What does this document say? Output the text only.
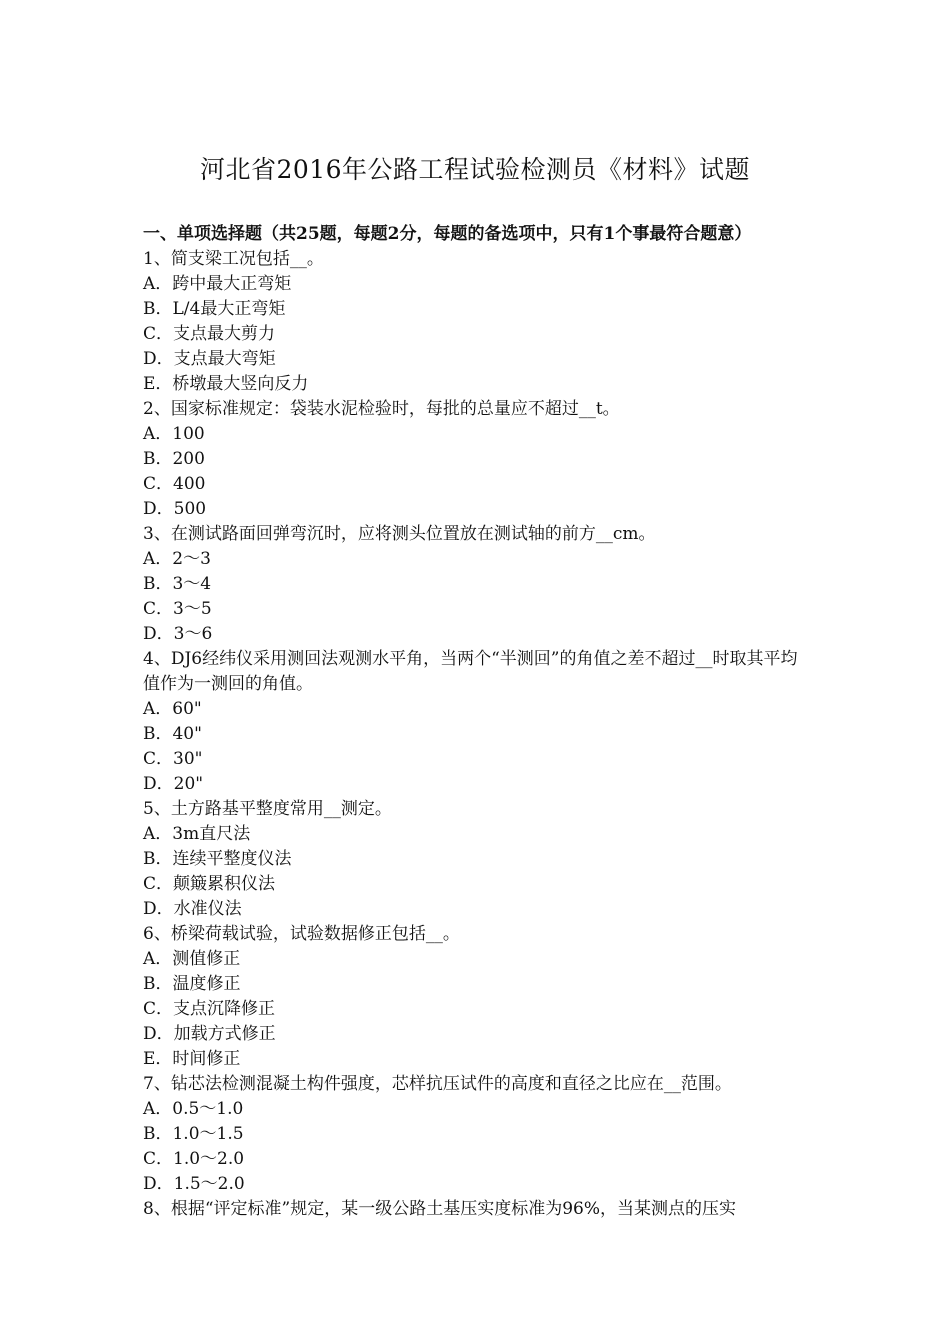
河北省2016年公路工程试验检测员《材料》试题
一、单项选择题（共25题，每题2分，每题的备选项中，只有1个事最符合题意）
1、简支梁工况包括__。
A．跨中最大正弯矩
B．L/4最大正弯矩
C．支点最大剪力
D．支点最大弯矩
E．桥墩最大竖向反力
2、国家标准规定：袋装水泥检验时，每批的总量应不超过__t。
A．100
B．200
C．400
D．500
3、在测试路面回弹弯沉时，应将测头位置放在测试轴的前方__cm。
A．2～3
B．3～4
C．3～5
D．3～6
4、DJ6经纬仪采用测回法观测水平角，当两个“半测回”的角值之差不超过__时取其平均值作为一测回的角值。
A．60"
B．40"
C．30"
D．20"
5、土方路基平整度常用__测定。
A．3m直尺法
B．连续平整度仪法
C．颠簸累积仪法
D．水准仪法
6、桥梁荷载试验，试验数据修正包括__。
A．测值修正
B．温度修正
C．支点沉降修正
D．加载方式修正
E．时间修正
7、钻芯法检测混凝土构件强度，芯样抗压试件的高度和直径之比应在__范围。
A．0.5～1.0
B．1.0～1.5
C．1.0～2.0
D．1.5～2.0
8、根据“评定标准”规定，某一级公路土基压实度标准为96%，当某测点的压实
